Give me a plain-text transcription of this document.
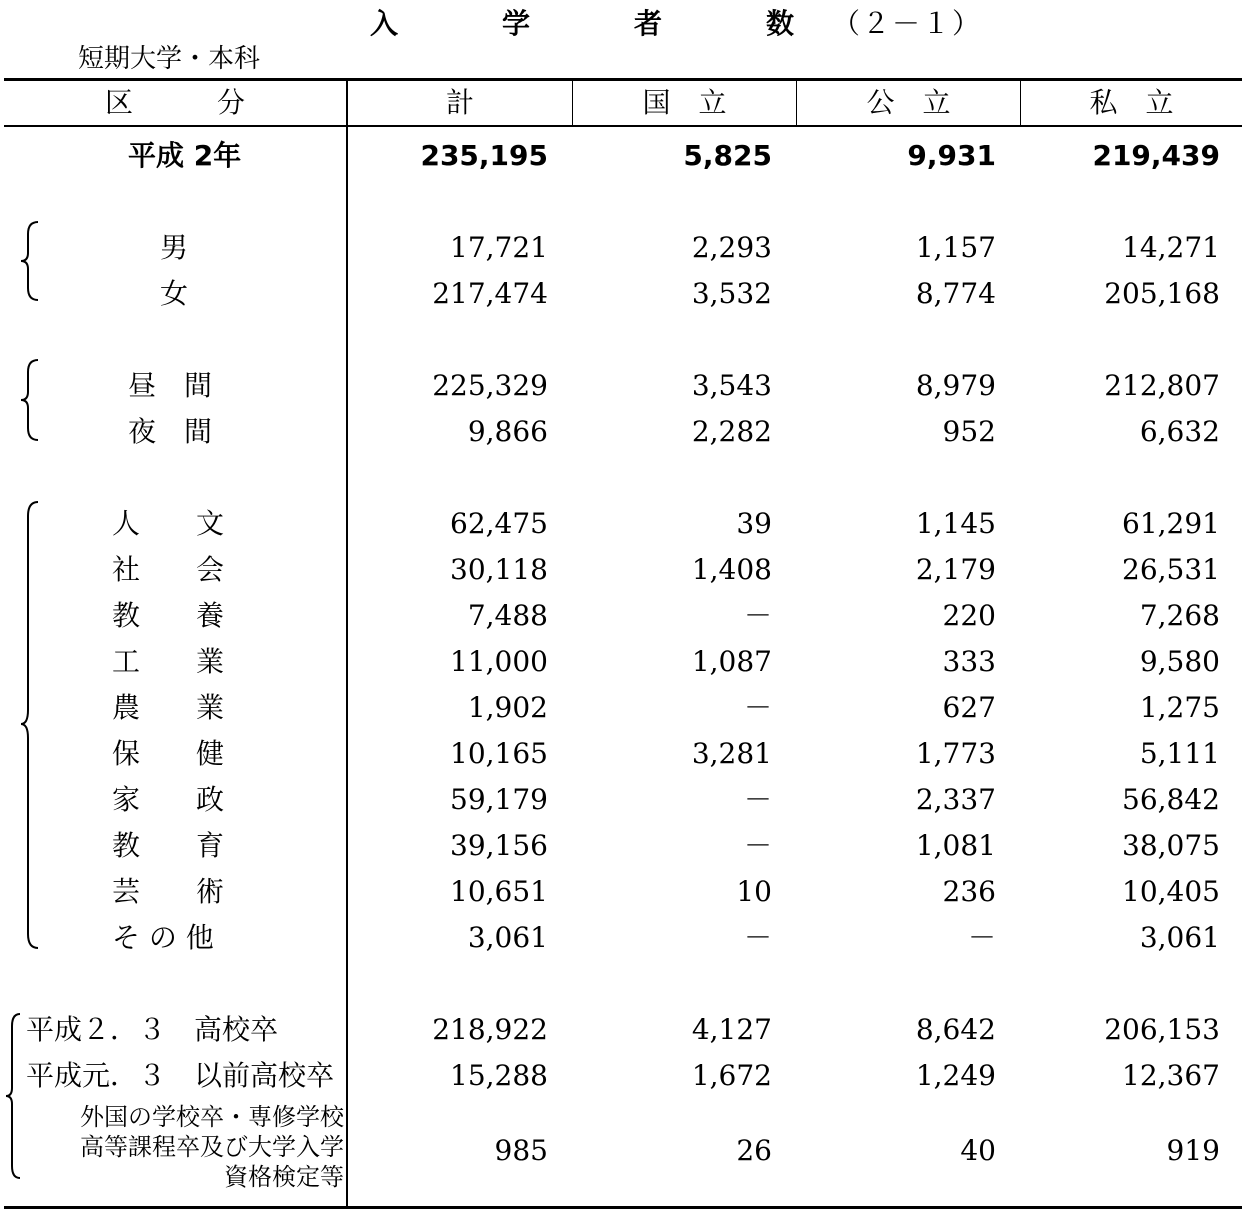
入　学　者　数（２－１）
短期大学・本科
区　　　分	計	国　立	公　立	私　立
平成 2年	235,195	5,825	9,931	219,439
男	17,721	2,293	1,157	14,271
女	217,474	3,532	8,774	205,168
昼　間	225,329	3,543	8,979	212,807
夜　間	9,866	2,282	952	6,632
人　　文	62,475	39	1,145	61,291
社　　会	30,118	1,408	2,179	26,531
教　　養	7,488	－	220	7,268
工　　業	11,000	1,087	333	9,580
農　　業	1,902	－	627	1,275
保　　健	10,165	3,281	1,773	5,111
家　　政	59,179	－	2,337	56,842
教　　育	39,156	－	1,081	38,075
芸　　術	10,651	10	236	10,405
そ の 他	3,061	－	－	3,061
平成２．３　高校卒	218,922	4,127	8,642	206,153
平成元．３　以前高校卒	15,288	1,672	1,249	12,367
外国の学校卒・専修学校
高等課程卒及び大学入学
資格検定等
985	26	40	919
